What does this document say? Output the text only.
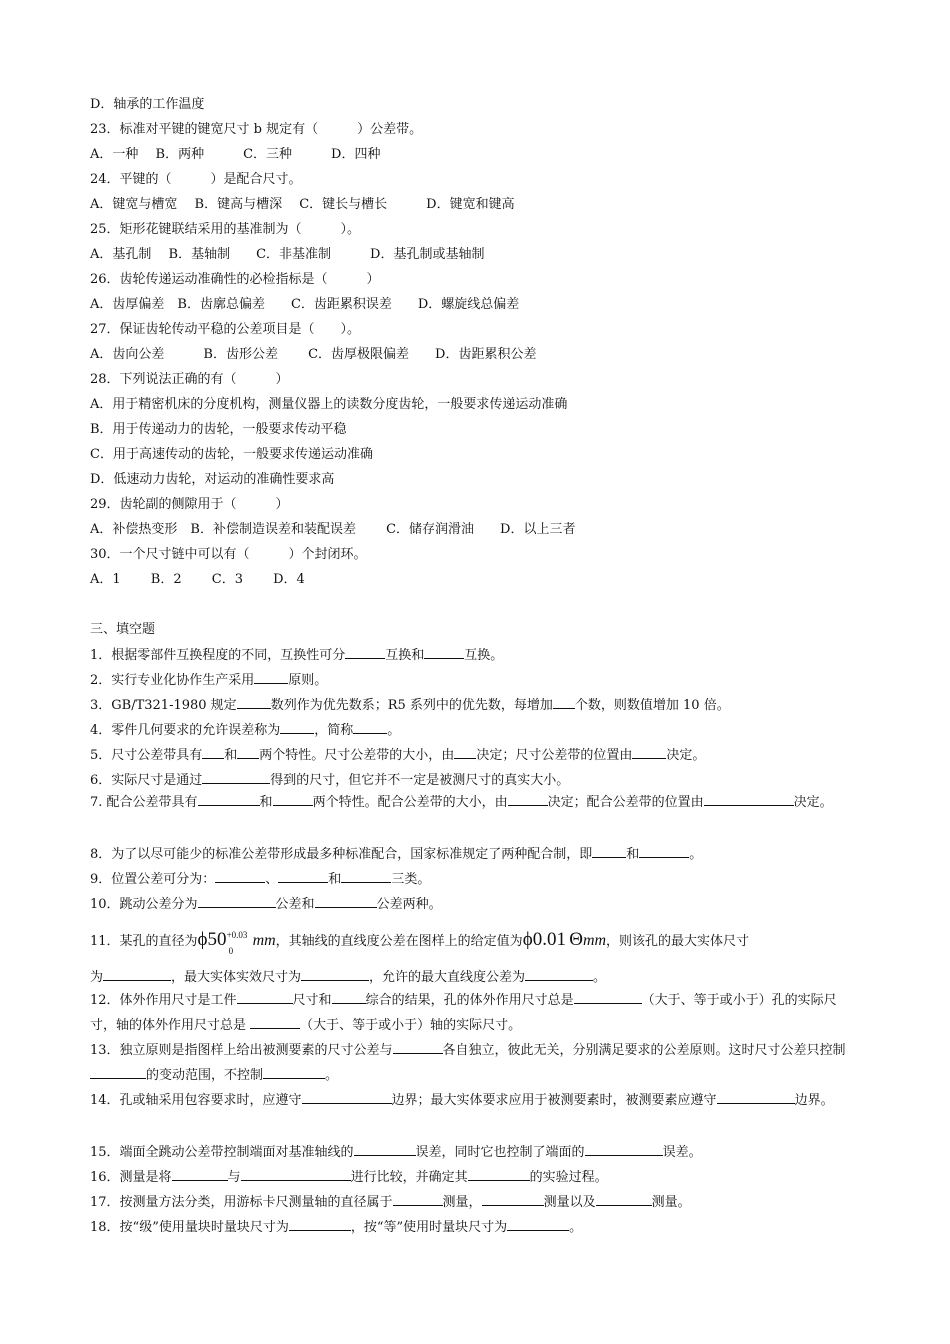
D．轴承的工作温度
23．标准对平键的键宽尺寸 b 规定有（　　　）公差带。
A．一种　 B．两种　　　C．三种　　　D．四种
24．平键的（　　　）是配合尺寸。
A．键宽与槽宽　 B．键高与槽深　 C．键长与槽长　　　D．键宽和键高
25．矩形花键联结采用的基准制为（　　　）。
A．基孔制　 B．基轴制　　C．非基准制　　　D．基孔制或基轴制
26．齿轮传递运动准确性的必检指标是（　　　）
A．齿厚偏差　B．齿廓总偏差　　C．齿距累积误差　　D．螺旋线总偏差
27．保证齿轮传动平稳的公差项目是（　　）。
A．齿向公差　　　B．齿形公差　　 C．齿厚极限偏差　　D．齿距累积公差
28．下列说法正确的有（　　　）
A．用于精密机床的分度机构，测量仪器上的读数分度齿轮，一般要求传递运动准确
B．用于传递动力的齿轮，一般要求传动平稳
C．用于高速传动的齿轮，一般要求传递运动准确
D．低速动力齿轮，对运动的准确性要求高
29．齿轮副的侧隙用于（　　　）
A．补偿热变形　B．补偿制造误差和装配误差　　 C．储存润滑油　　D．以上三者
30．一个尺寸链中可以有（　　　）个封闭环。
A．1　　 B．2　　 C．3　　 D．4
三、填空题
1．根据零部件互换程度的不同，互换性可分	互换和	互换。
2．实行专业化协作生产采用	原则。
3．GB/T321-1980 规定	数列作为优先数系；R5 系列中的优先数，每增加 个数，则数值增加 10 倍。
4．零件几何要求的允许误差称为	，简称	。
5．尺寸公差带具有 和 两个特性。尺寸公差带的大小，由 决定；尺寸公差带的位置由	决定。
6．实际尺寸是通过	得到的尺寸，但它并不一定是被测尺寸的真实大小。
7. 配合公差带具有	和	两个特性。配合公差带的大小，由	决定；配合公差带的位置由	决定。
8．为了以尽可能少的标准公差带形成最多种标准配合，国家标准规定了两种配合制，即	和	。
9．位置公差可分为：	、	和	三类。
10．跳动公差分为	公差和	公差两种。
11．某孔的直径为ϕ50 +0.03
0
mm，其轴线的直线度公差在图样上的给定值为ϕ0.01 Θmm，则该孔的最大实体尺寸
为	，最大实体实效尺寸为	，允许的最大直线度公差为	。
12．体外作用尺寸是工件	尺寸和	综合的结果，孔的体外作用尺寸总是	（大于、等于或小于）孔的实际尺寸，轴的体外作用尺寸总是	（大于、等于或小于）轴的实际尺寸。
13．独立原则是指图样上给出被测要素的尺寸公差与	各自独立，彼此无关，分别满足要求的公差原则。这时尺寸公差只控制的变动范围，不控制	。
14．孔或轴采用包容要求时，应遵守	边界；最大实体要求应用于被测要素时，被测要素应遵守	边界。
15．端面全跳动公差带控制端面对基准轴线的	误差，同时它也控制了端面的	误差。
16．测量是将	与	进行比较，并确定其	的实验过程。
17．按测量方法分类，用游标卡尺测量轴的直径属于	测量，	测量以及	测量。
18．按“级”使用量块时量块尺寸为	，按“等”使用时量块尺寸为	。
